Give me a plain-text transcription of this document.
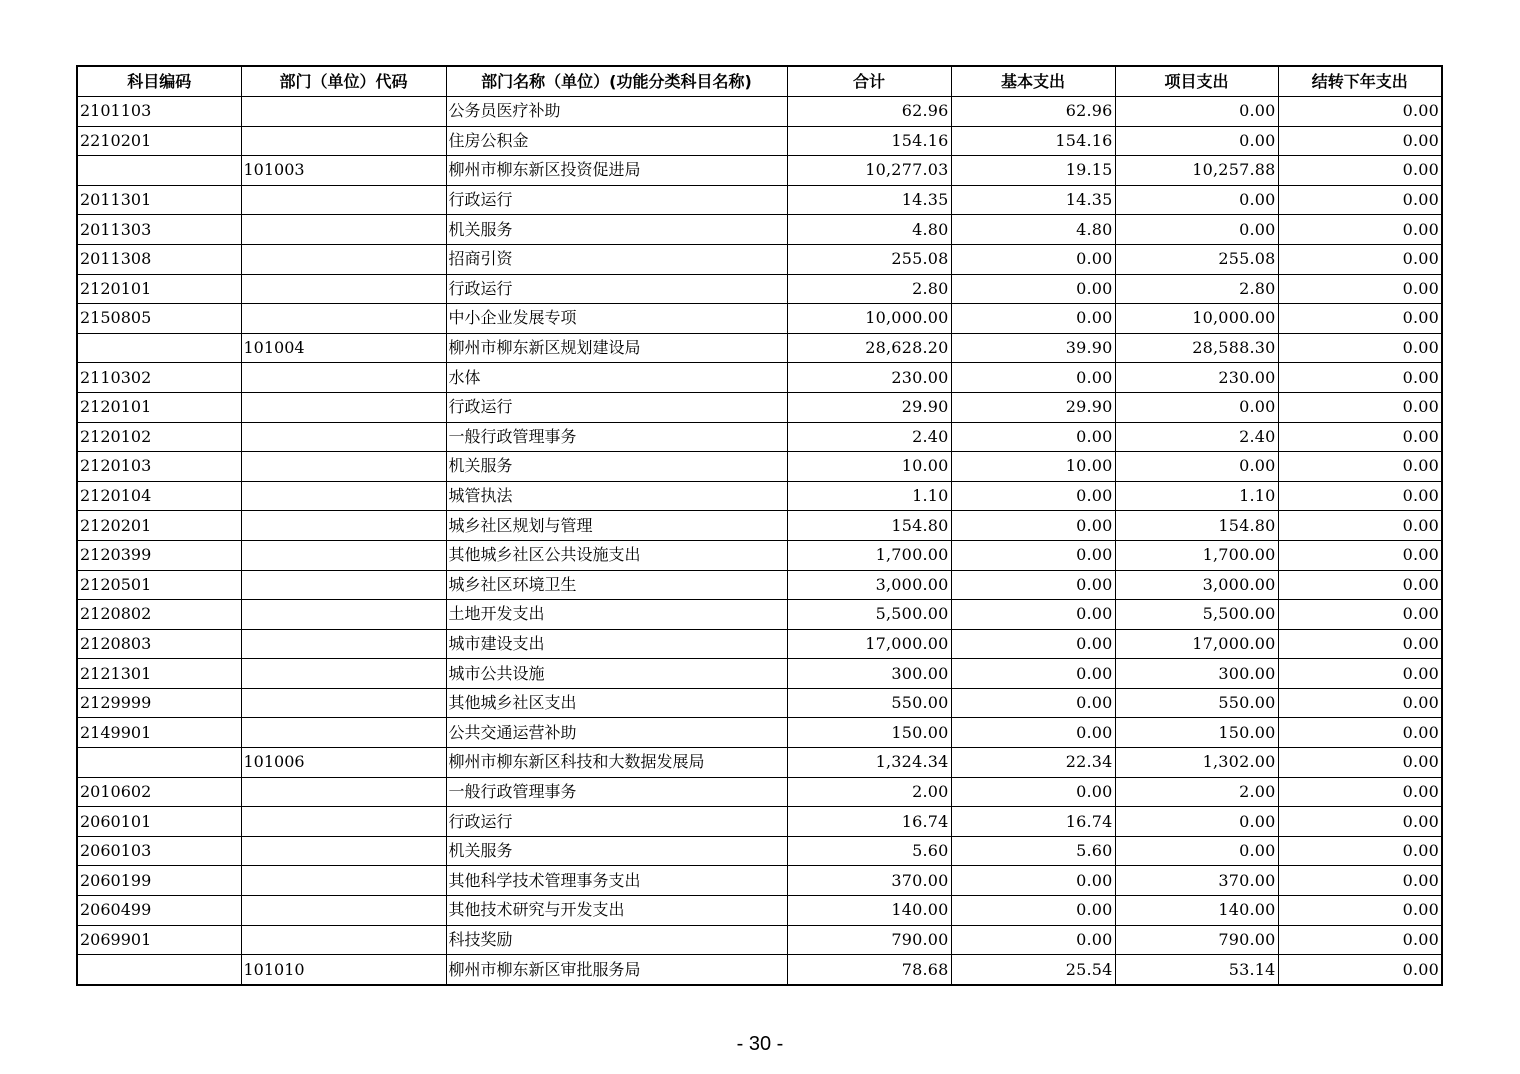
科目编码	部门（单位）代码	部门名称（单位）(功能分类科目名称)	合计	基本支出	项目支出	结转下年支出
2101103		公务员医疗补助	62.96	62.96	0.00	0.00
2210201		住房公积金	154.16	154.16	0.00	0.00
	101003	柳州市柳东新区投资促进局	10,277.03	19.15	10,257.88	0.00
2011301		行政运行	14.35	14.35	0.00	0.00
2011303		机关服务	4.80	4.80	0.00	0.00
2011308		招商引资	255.08	0.00	255.08	0.00
2120101		行政运行	2.80	0.00	2.80	0.00
2150805		中小企业发展专项	10,000.00	0.00	10,000.00	0.00
	101004	柳州市柳东新区规划建设局	28,628.20	39.90	28,588.30	0.00
2110302		水体	230.00	0.00	230.00	0.00
2120101		行政运行	29.90	29.90	0.00	0.00
2120102		一般行政管理事务	2.40	0.00	2.40	0.00
2120103		机关服务	10.00	10.00	0.00	0.00
2120104		城管执法	1.10	0.00	1.10	0.00
2120201		城乡社区规划与管理	154.80	0.00	154.80	0.00
2120399		其他城乡社区公共设施支出	1,700.00	0.00	1,700.00	0.00
2120501		城乡社区环境卫生	3,000.00	0.00	3,000.00	0.00
2120802		土地开发支出	5,500.00	0.00	5,500.00	0.00
2120803		城市建设支出	17,000.00	0.00	17,000.00	0.00
2121301		城市公共设施	300.00	0.00	300.00	0.00
2129999		其他城乡社区支出	550.00	0.00	550.00	0.00
2149901		公共交通运营补助	150.00	0.00	150.00	0.00
	101006	柳州市柳东新区科技和大数据发展局	1,324.34	22.34	1,302.00	0.00
2010602		一般行政管理事务	2.00	0.00	2.00	0.00
2060101		行政运行	16.74	16.74	0.00	0.00
2060103		机关服务	5.60	5.60	0.00	0.00
2060199		其他科学技术管理事务支出	370.00	0.00	370.00	0.00
2060499		其他技术研究与开发支出	140.00	0.00	140.00	0.00
2069901		科技奖励	790.00	0.00	790.00	0.00
	101010	柳州市柳东新区审批服务局	78.68	25.54	53.14	0.00
- 30 -
